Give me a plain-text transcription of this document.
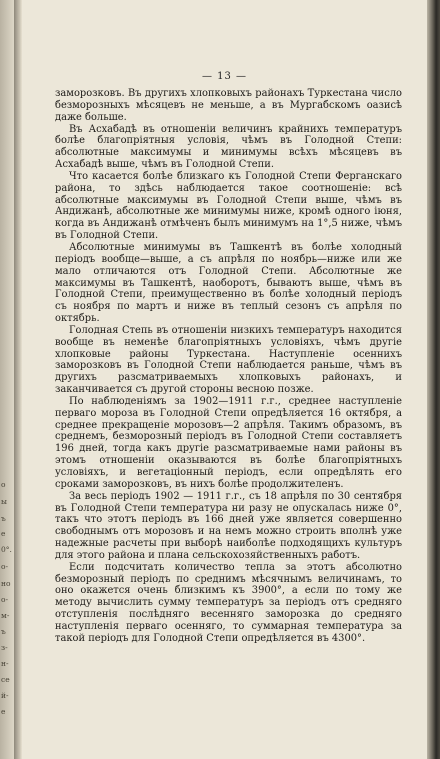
о
ы
ъ
е
0°.
о-
но
о-
м-
ъ
з-
н-
се
й-
е
— 13 —

заморозковъ. Въ другихъ хлопковыхъ районахъ Туркестана число безморозныхъ мѣсяцевъ не меньше, а въ Мургабскомъ оазисѣ даже больше.

Въ Асхабадѣ въ отношеніи величинъ крайнихъ температуръ болѣе благопріятныя условія, чѣмъ въ Голодной Степи: абсолютные максимумы и минимумы всѣхъ мѣсяцевъ въ Асхабадѣ выше, чѣмъ въ Голодной Степи.

Что касается болѣе близкаго къ Голодной Степи Ферганскаго района, то здѣсь наблюдается такое соотношеніе: всѣ абсолютные максимумы въ Голодной Степи выше, чѣмъ въ Андижанѣ, абсолютные же минимумы ниже, кромѣ одного іюня, когда въ Андижанѣ отмѣченъ былъ минимумъ на 1°,5 ниже, чѣмъ въ Голодной Степи.

Абсолютные минимумы въ Ташкентѣ въ болѣе холодный періодъ вообще—выше, а съ апрѣля по ноябрь—ниже или же мало отличаются отъ Голодной Степи. Абсолютные же максимумы въ Ташкентѣ, наоборотъ, бываютъ выше, чѣмъ въ Голодной Степи, преимущественно въ болѣе холодный періодъ съ ноября по мартъ и ниже въ теплый сезонъ съ апрѣля по октябрь.

Голодная Степь въ отношеніи низкихъ температуръ находится вообще въ неменѣе благопріятныхъ условіяхъ, чѣмъ другіе хлопковые районы Туркестана. Наступленіе осеннихъ заморозковъ въ Голодной Степи наблюдается раньше, чѣмъ въ другихъ разсматриваемыхъ хлопковыхъ районахъ, и заканчивается съ другой стороны весною позже.

По наблюденіямъ за 1902—1911 г.г., среднее наступленіе перваго мороза въ Голодной Степи опредѣляется 16 октября, а среднее прекращеніе морозовъ—2 апрѣля. Такимъ образомъ, въ среднемъ, безморозный періодъ въ Голодной Степи составляетъ 196 дней, тогда какъ другіе разсматриваемые нами районы въ этомъ отношеніи оказываются въ болѣе благопріятныхъ условіяхъ, и вегетаціонный періодъ, если опредѣлять его сроками заморозковъ, въ нихъ болѣе продолжителенъ.

За весь періодъ 1902 — 1911 г.г., съ 18 апрѣля по 30 сентября въ Голодной Степи температура ни разу не опускалась ниже 0°, такъ что этотъ періодъ въ 166 дней уже является совершенно свободнымъ отъ морозовъ и на немъ можно строить вполнѣ уже надежные расчеты при выборѣ наиболѣе подходящихъ культуръ для этого района и плана сельскохозяйственныхъ работъ.

Если подсчитать количество тепла за этотъ абсолютно безморозный періодъ по среднимъ мѣсячнымъ величинамъ, то оно окажется очень близкимъ къ 3900°, а если по тому же методу вычислить сумму температуръ за періодъ отъ средняго отступленія послѣдняго весенняго заморозка до средняго наступленія перваго осенняго, то суммарная температура за такой періодъ для Голодной Степи опредѣляется въ 4300°.
